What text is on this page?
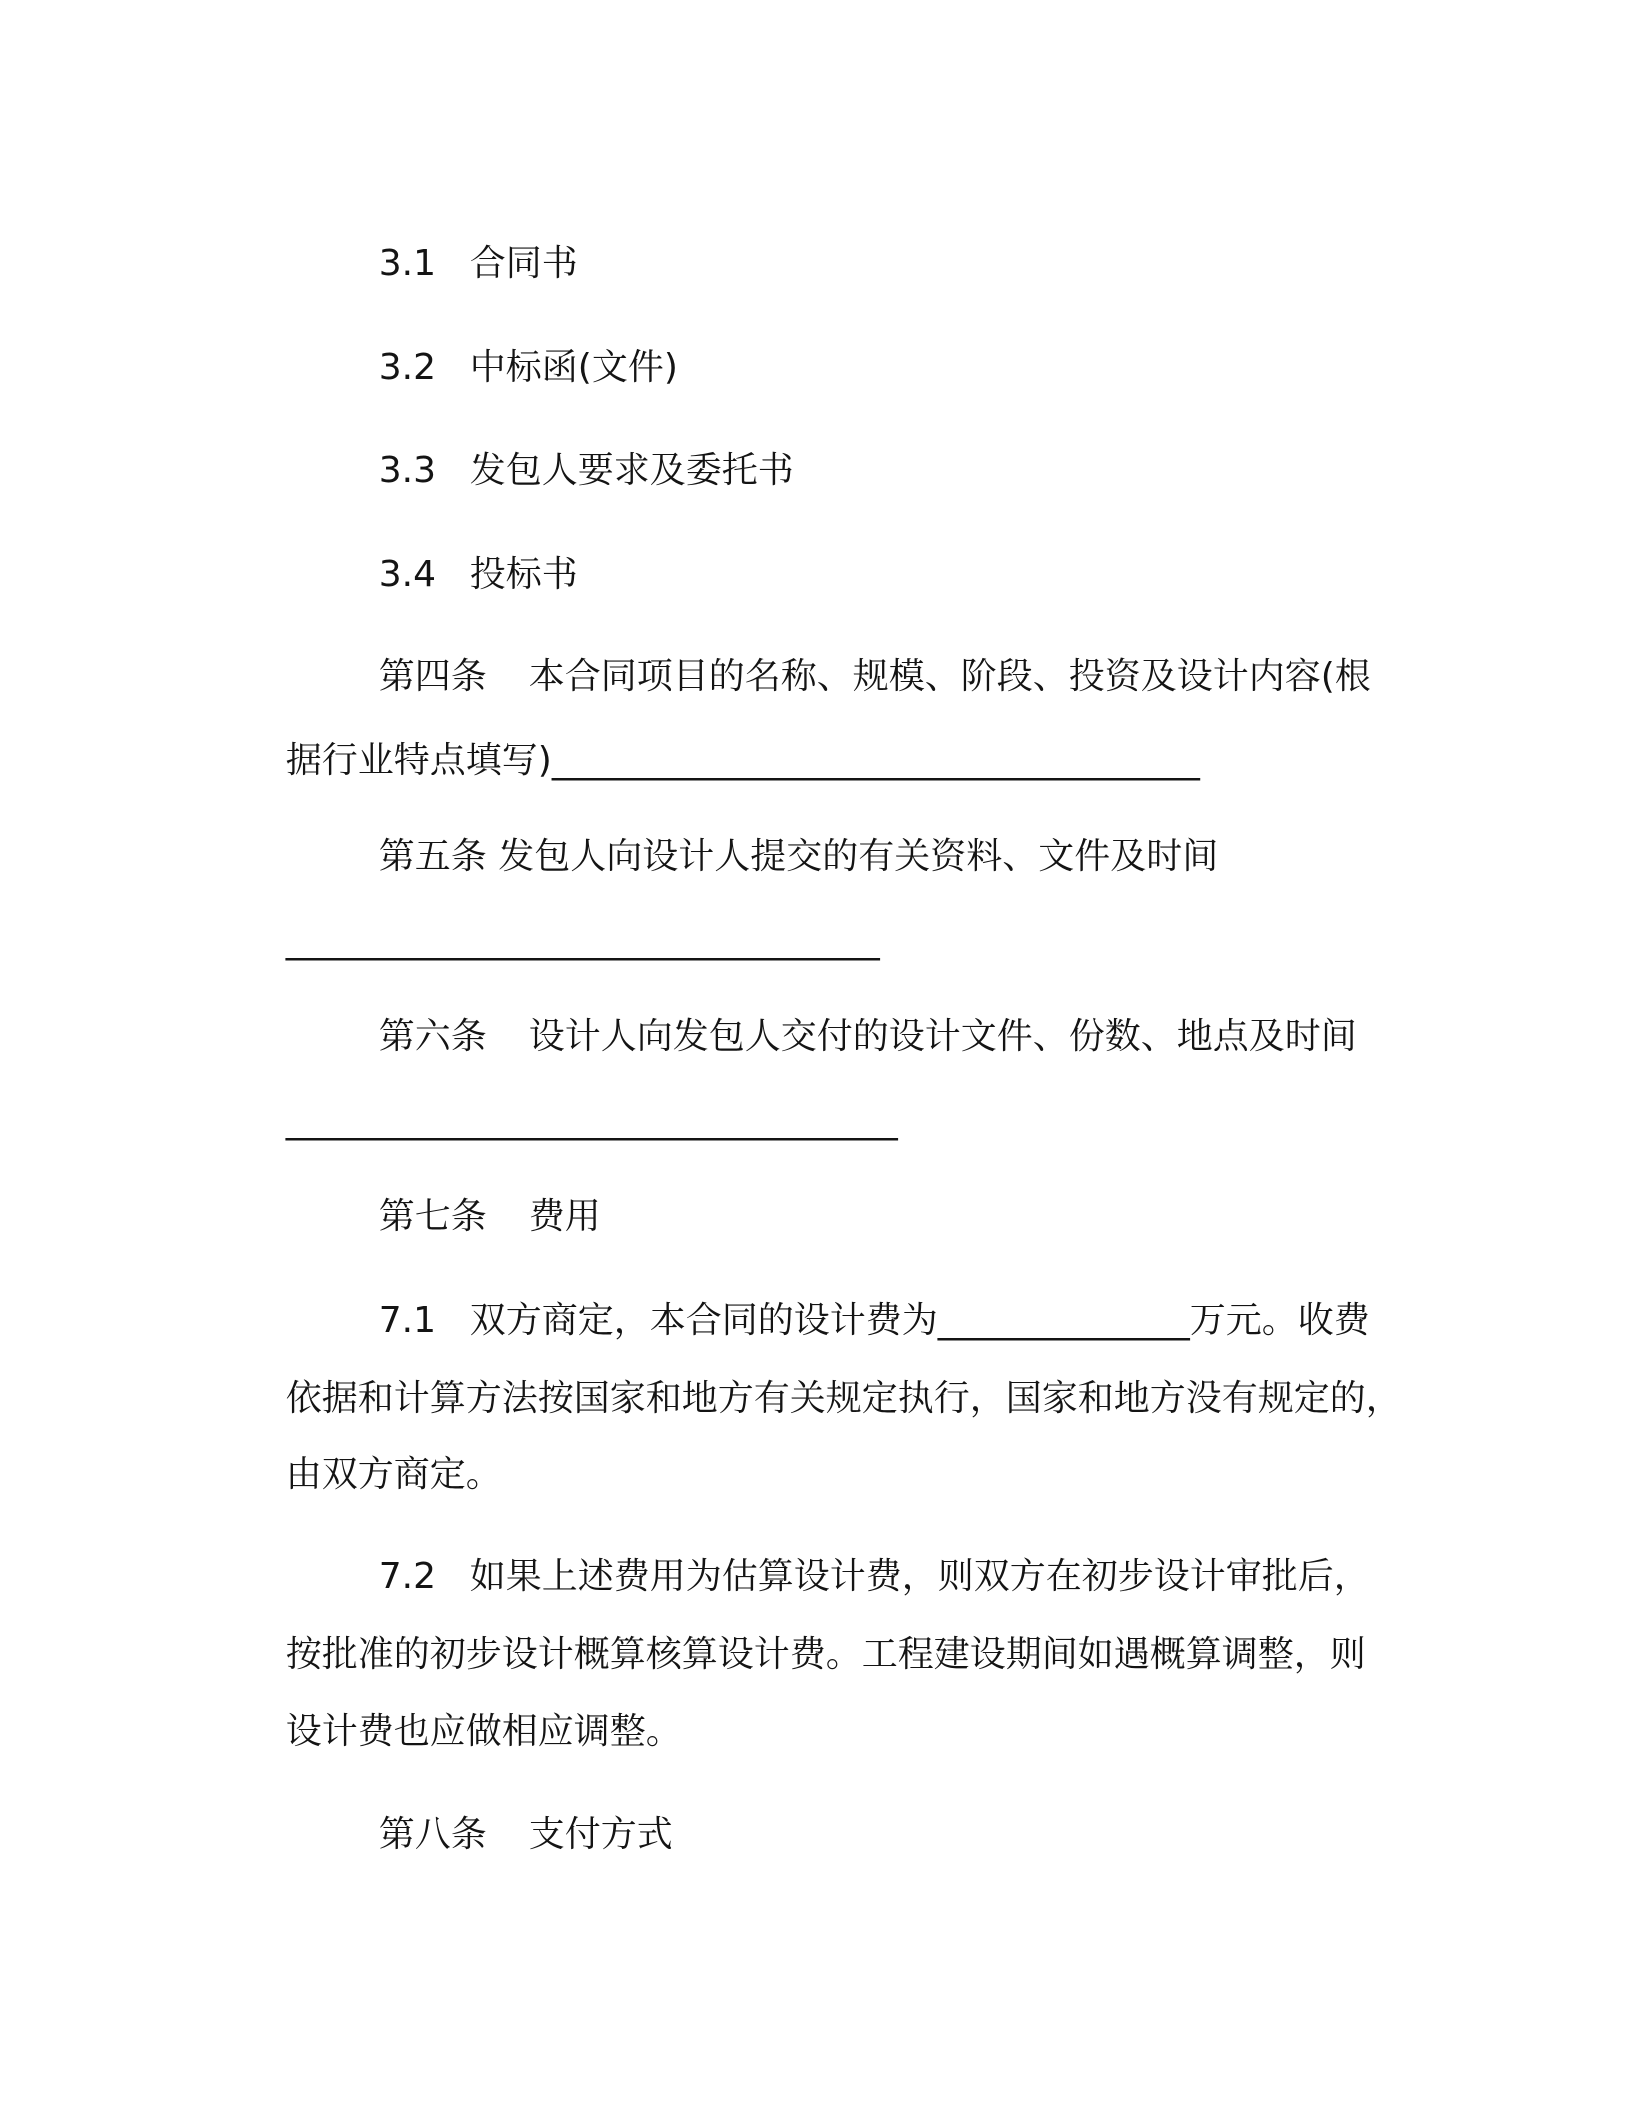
3.1 合同书

3.2 中标函(文件)

3.3 发包人要求及委托书

3.4 投标书

第四条 本合同项目的名称、规模、阶段、投资及设计内容(根

据行业特点填写)____________________________________

第五条 发包人向设计人提交的有关资料、文件及时间

_________________________________

第六条 设计人向发包人交付的设计文件、份数、地点及时间

__________________________________

第七条 费用

7.1 双方商定，本合同的设计费为______________万元。收费

依据和计算方法按国家和地方有关规定执行，国家和地方没有规定的，

由双方商定。

7.2 如果上述费用为估算设计费，则双方在初步设计审批后，

按批准的初步设计概算核算设计费。工程建设期间如遇概算调整，则

设计费也应做相应调整。

第八条 支付方式
